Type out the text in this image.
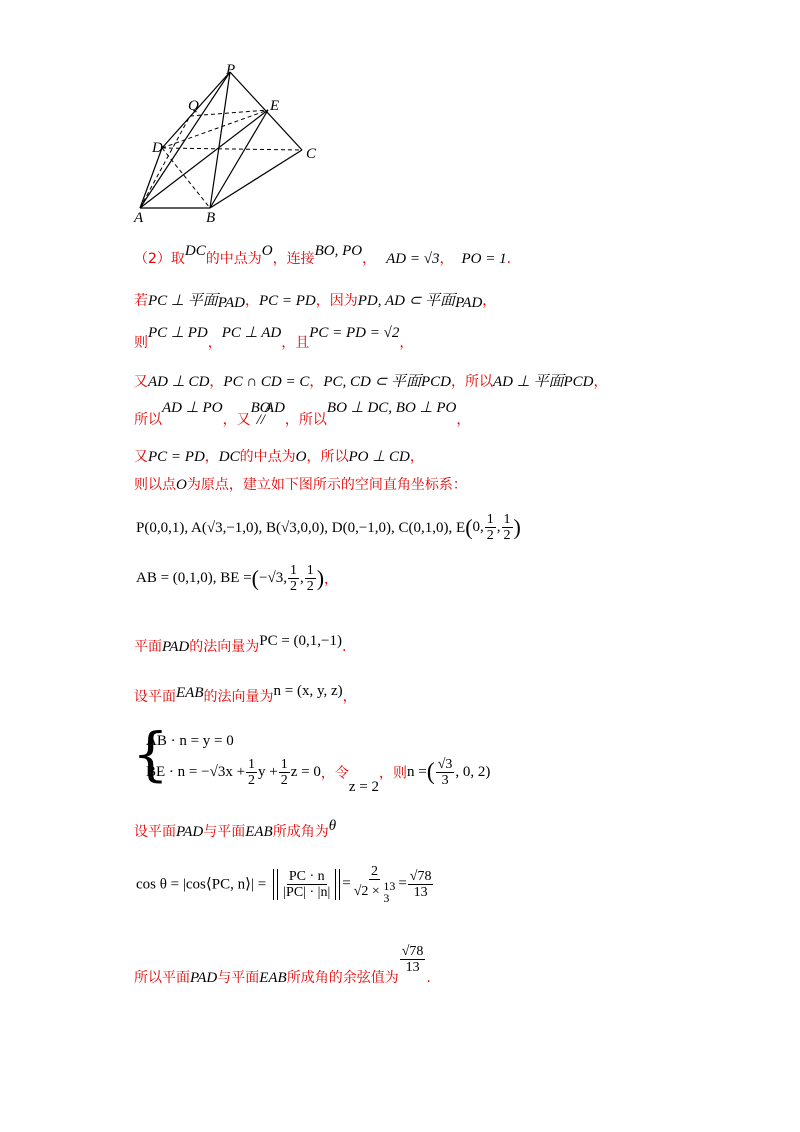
P
Q	E
D	C
A	B
（2）取DC的中点为O，连接BO, PO， AD = √3， PO = 1.
若PC ⊥ 平面PAD，PC = PD，因为PD, AD ⊂ 平面PAD，
则PC ⊥ PD，PC ⊥ AD，且PC = PD = √2，
又AD ⊥ CD，PC ∩ CD = C，PC, CD ⊂ 平面PCD，所以AD ⊥ 平面PCD，
所以AD ⊥ PO，又BO//AD，所以BO ⊥ DC, BO ⊥ PO，
又PC = PD，DC的中点为O，所以PO ⊥ CD，
则以点O为原点，建立如下图所示的空间直角坐标系：
P(0,0,1), A(√3,−1,0), B(√3,0,0), D(0,−1,0), C(0,1,0), E(0, $\frac{1}{2}$ , $\frac{1}{2}$ )
AB = (0,1,0), BE =(−√3, $\frac{1}{2}$ , $\frac{1}{2}$ )，
平面PAD的法向量为PC = (0,1,−1).
设平面EAB的法向量为n = (x, y, z)，
{
AB · n = y = 0
BE · $n = -√3x + \frac{1}{2}$ $y + \frac{1}{2}$ z = 0，令z = 2，则n =( $\frac{√3}{3}$ , 0, 2)
设平面PAD与平面EAB所成角为θ
cos θ = |cos⟨PC, n⟩| = $\frac{PC \cdot n}{|PC| \cdot |n|} = 2$
√2 × 13
$3 = \frac{√78}{13}$
所以平面PAD与平面EAB所成角的余弦值为
$\frac{√78}{13}$
.
